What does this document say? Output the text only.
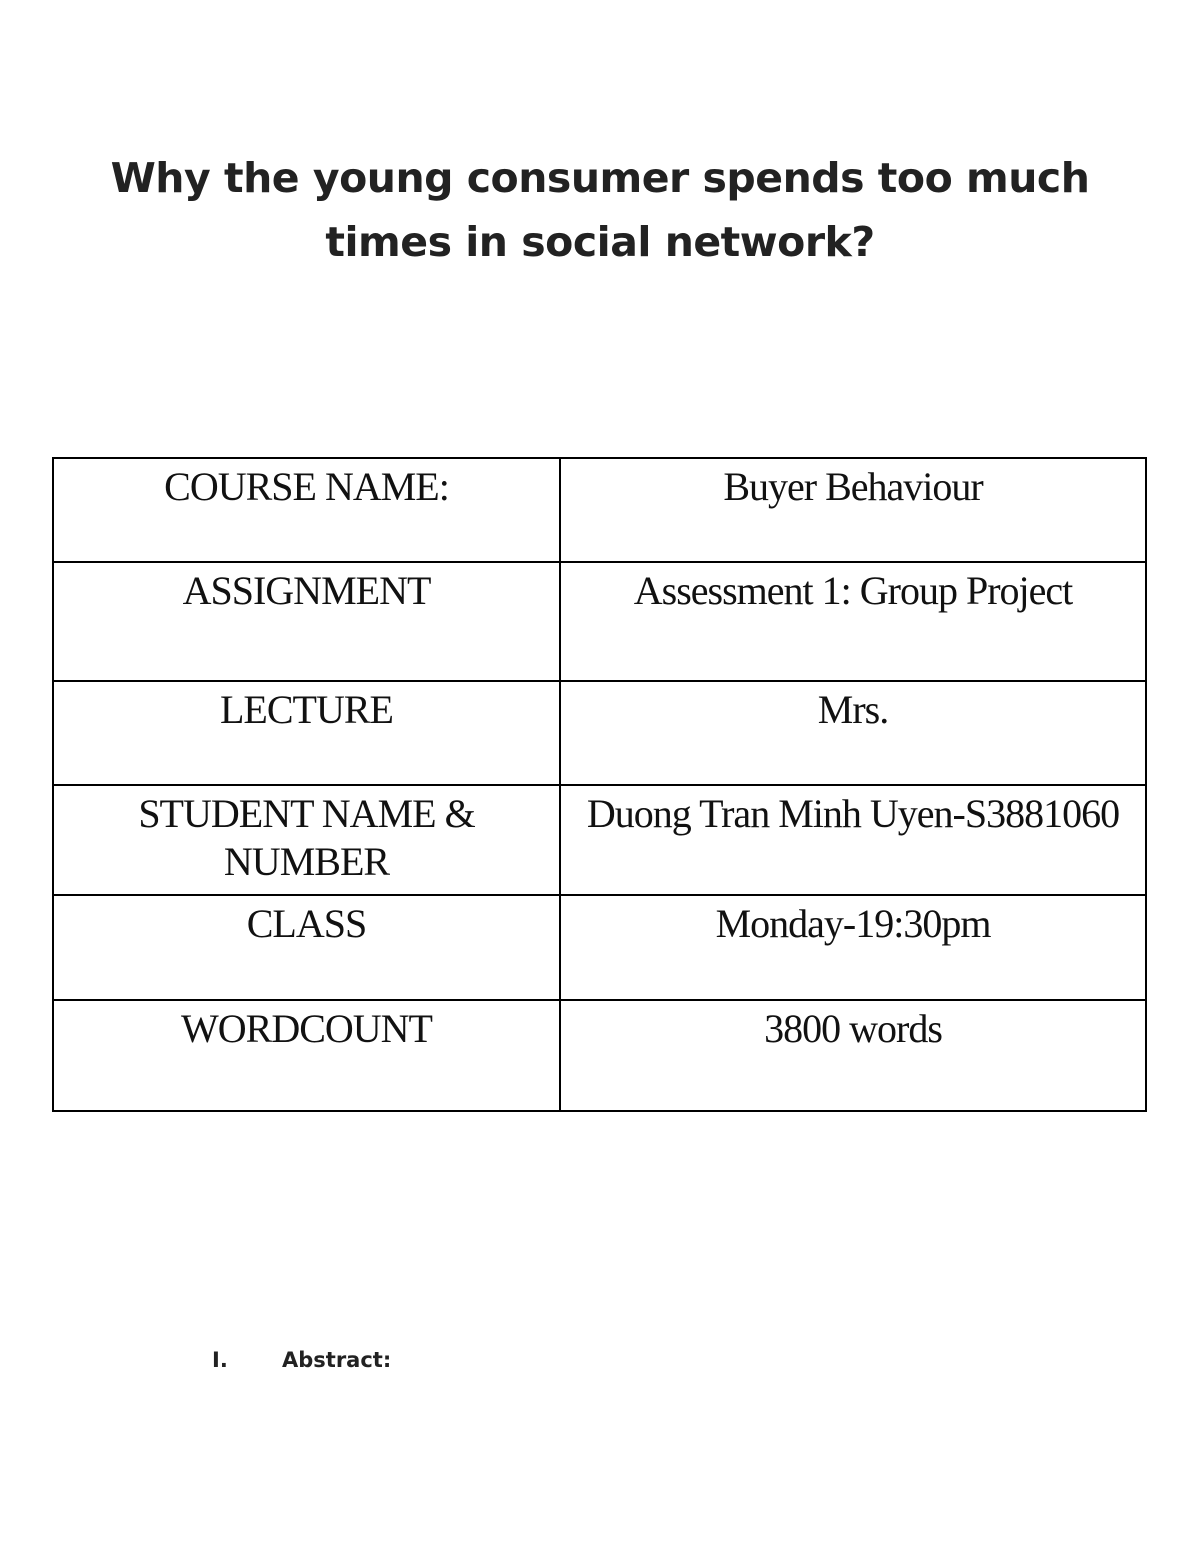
Why the young consumer spends too much
times in social network?
COURSE NAME:	Buyer Behaviour
ASSIGNMENT	Assessment 1: Group Project
LECTURE	Mrs.
STUDENT NAME & NUMBER	Duong Tran Minh Uyen-S3881060
CLASS	Monday-19:30pm
WORDCOUNT	3800 words
I.	Abstract:
